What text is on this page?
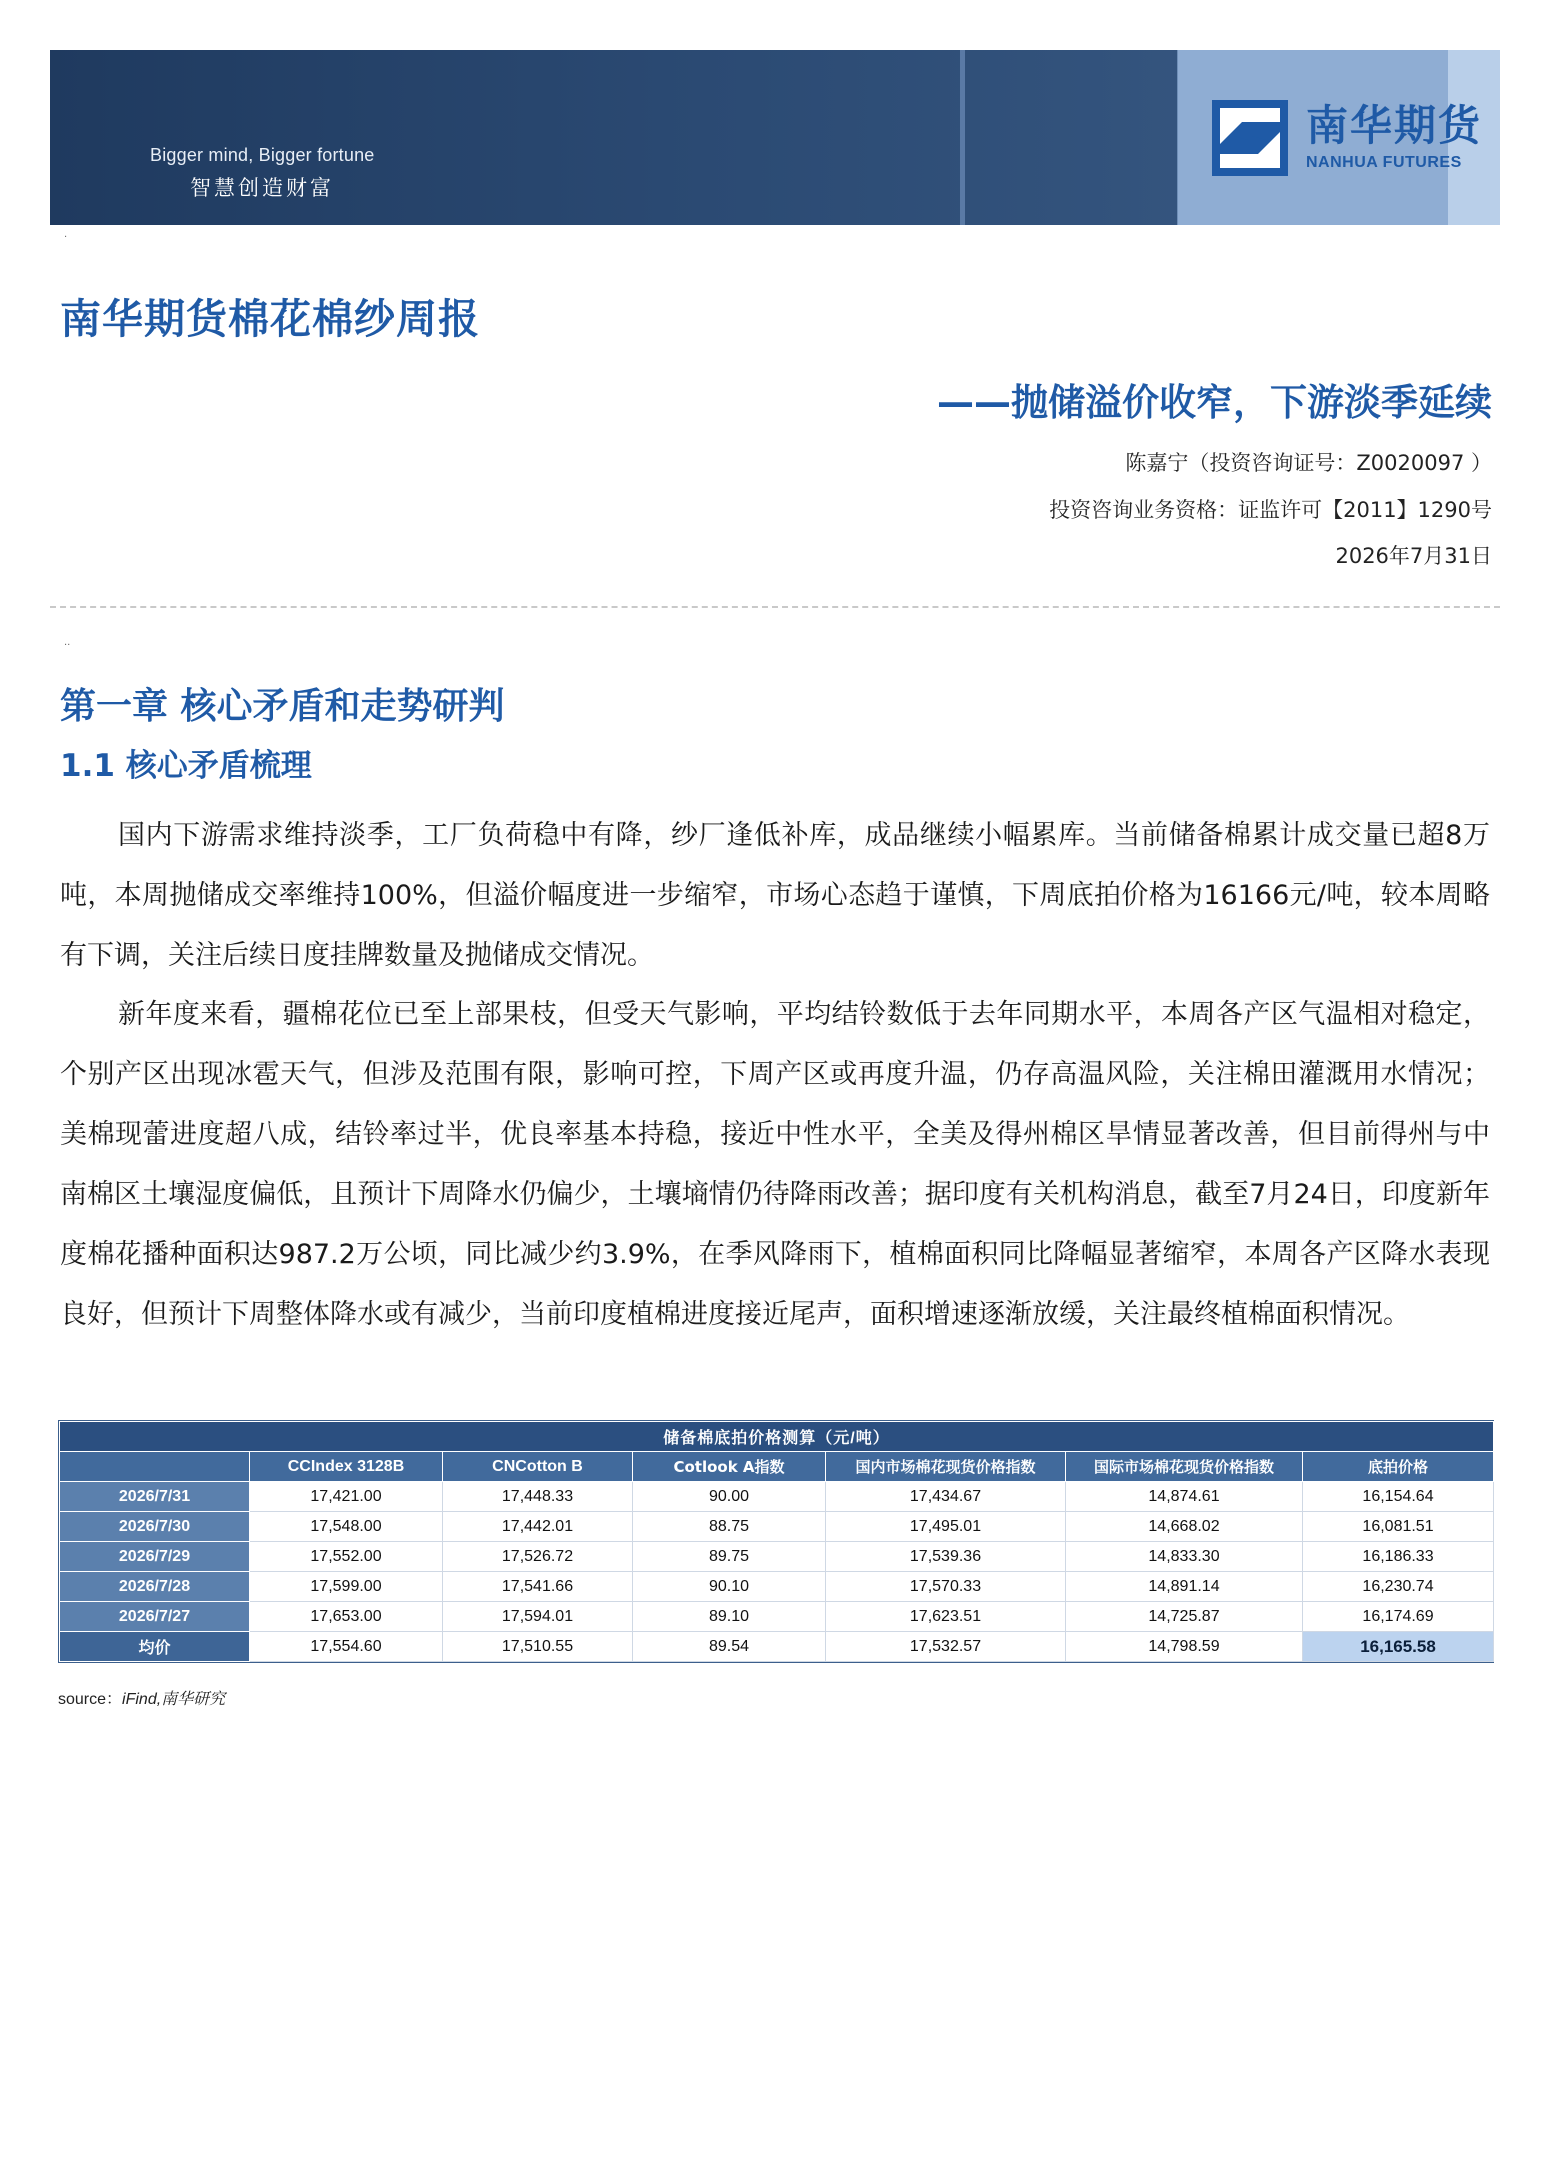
Bigger mind, Bigger fortune
智慧创造财富
南华期货
NANHUA FUTURES
·
南华期货棉花棉纱周报
——抛储溢价收窄，下游淡季延续
陈嘉宁（投资咨询证号：Z0020097 ）
投资咨询业务资格：证监许可【2011】1290号
2026年7月31日
··
第一章 核心矛盾和走势研判
1.1 核心矛盾梳理

国内下游需求维持淡季，工厂负荷稳中有降，纱厂逢低补库，成品继续小幅累库。当前储备棉累计成交量已超8万吨，本周抛储成交率维持100%，但溢价幅度进一步缩窄，市场心态趋于谨慎，下周底拍价格为16166元/吨，较本周略有下调，关注后续日度挂牌数量及抛储成交情况。

新年度来看，疆棉花位已至上部果枝，但受天气影响，平均结铃数低于去年同期水平，本周各产区气温相对稳定，个别产区出现冰雹天气，但涉及范围有限，影响可控，下周产区或再度升温，仍存高温风险，关注棉田灌溉用水情况；美棉现蕾进度超八成，结铃率过半，优良率基本持稳，接近中性水平，全美及得州棉区旱情显著改善，但目前得州与中南棉区土壤湿度偏低，且预计下周降水仍偏少，土壤墒情仍待降雨改善；据印度有关机构消息，截至7月24日，印度新年度棉花播种面积达987.2万公顷，同比减少约3.9%，在季风降雨下，植棉面积同比降幅显著缩窄，本周各产区降水表现良好，但预计下周整体降水或有减少，当前印度植棉进度接近尾声，面积增速逐渐放缓，关注最终植棉面积情况。

储备棉底拍价格测算（元/吨）						
	CCIndex 3128B	CNCotton B	Cotlook A指数	国内市场棉花现货价格指数	国际市场棉花现货价格指数	底拍价格
2026/7/31	17,421.00	17,448.33	90.00	17,434.67	14,874.61	16,154.64
2026/7/30	17,548.00	17,442.01	88.75	17,495.01	14,668.02	16,081.51
2026/7/29	17,552.00	17,526.72	89.75	17,539.36	14,833.30	16,186.33
2026/7/28	17,599.00	17,541.66	90.10	17,570.33	14,891.14	16,230.74
2026/7/27	17,653.00	17,594.01	89.10	17,623.51	14,725.87	16,174.69
均价	17,554.60	17,510.55	89.54	17,532.57	14,798.59	16,165.58
source：iFind,南华研究
